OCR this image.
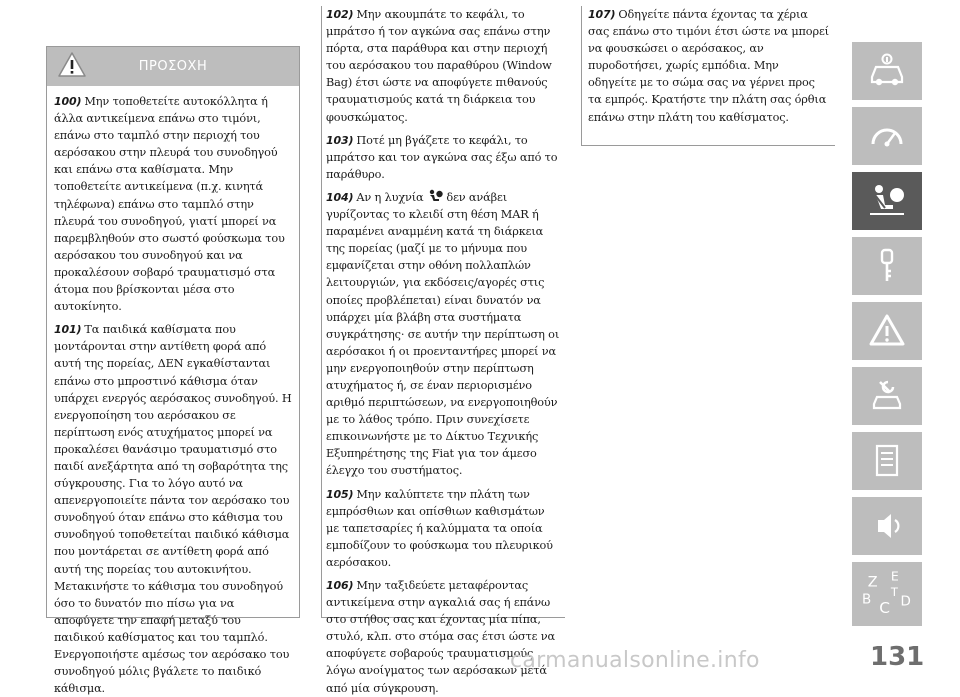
ΠΡΟΣΟΧΗ

100) Μην τοποθετείτε αυτοκόλλητα ή άλλα αντικείμενα επάνω στο τιμόνι, επάνω στο ταμπλό στην περιοχή του αερόσακου στην πλευρά του συνοδηγού και επάνω στα καθίσματα. Μην τοποθετείτε αντικείμενα (π.χ. κινητά τηλέφωνα) επάνω στο ταμπλό στην πλευρά του συνοδηγού, γιατί μπορεί να παρεμβληθούν στο σωστό φούσκωμα του αερόσακου του συνοδηγού και να προκαλέσουν σοβαρό τραυματισμό στα άτομα που βρίσκονται μέσα στο αυτοκίνητο.

101) Τα παιδικά καθίσματα που μοντάρονται στην αντίθετη φορά από αυτή της πορείας, ΔΕΝ εγκαθίστανται επάνω στο μπροστινό κάθισμα όταν υπάρχει ενεργός αερόσακος συνοδηγού. Η ενεργοποίηση του αερόσακου σε περίπτωση ενός ατυχήματος μπορεί να προκαλέσει θανάσιμο τραυματισμό στο παιδί ανεξάρτητα από τη σοβαρότητα της σύγκρουσης. Για το λόγο αυτό να απενεργοποιείτε πάντα τον αερόσακο του συνοδηγού όταν επάνω στο κάθισμα του συνοδηγού τοποθετείται παιδικό κάθισμα που μοντάρεται σε αντίθετη φορά από αυτή της πορείας του αυτοκινήτου. Μετακινήστε το κάθισμα του συνοδηγού όσο το δυνατόν πιο πίσω για να αποφύγετε την επαφή μεταξύ του παιδικού καθίσματος και του ταμπλό. Ενεργοποιήστε αμέσως τον αερόσακο του συνοδηγού μόλις βγάλετε το παιδικό κάθισμα.

102) Μην ακουμπάτε το κεφάλι, το μπράτσο ή τον αγκώνα σας επάνω στην πόρτα, στα παράθυρα και στην περιοχή του αερόσακου του παραθύρου (Window Bag) έτσι ώστε να αποφύγετε πιθανούς τραυματισμούς κατά τη διάρκεια του φουσκώματος.

103) Ποτέ μη βγάζετε το κεφάλι, το μπράτσο και τον αγκώνα σας έξω από το παράθυρο.

104) Αν η λυχνία δεν ανάβει γυρίζοντας το κλειδί στη θέση MAR ή παραμένει αναμμένη κατά τη διάρκεια της πορείας (μαζί με το μήνυμα που εμφανίζεται στην οθόνη πολλαπλών λειτουργιών, για εκδόσεις/αγορές στις οποίες προβλέπεται) είναι δυνατόν να υπάρχει μία βλάβη στα συστήματα συγκράτησης· σε αυτήν την περίπτωση οι αερόσακοι ή οι προενταντήρες μπορεί να μην ενεργοποιηθούν στην περίπτωση ατυχήματος ή, σε έναν περιορισμένο αριθμό περιπτώσεων, να ενεργοποιηθούν με το λάθος τρόπο. Πριν συνεχίσετε επικοινωνήστε με το Δίκτυο Τεχνικής Εξυπηρέτησης της Fiat για τον άμεσο έλεγχο του συστήματος.

105) Μην καλύπτετε την πλάτη των εμπρόσθιων και οπίσθιων καθισμάτων με ταπετσαρίες ή καλύμματα τα οποία εμποδίζουν το φούσκωμα του πλευρικού αερόσακου.

106) Μην ταξιδεύετε μεταφέροντας αντικείμενα στην αγκαλιά σας ή επάνω στο στήθος σας και έχοντας μία πίπα, στυλό, κλπ. στο στόμα σας έτσι ώστε να αποφύγετε σοβαρούς τραυματισμούς λόγω ανοίγματος των αερόσακων μετά από μία σύγκρουση.

107) Οδηγείτε πάντα έχοντας τα χέρια σας επάνω στο τιμόνι έτσι ώστε να μπορεί να φουσκώσει ο αερόσακος, αν πυροδοτήσει, χωρίς εμπόδια. Μην οδηγείτε με το σώμα σας να γέρνει προς τα εμπρός. Κρατήστε την πλάτη σας όρθια επάνω στην πλάτη του καθίσματος.

Z E
B C D
T
carmanualsonline.info	131
